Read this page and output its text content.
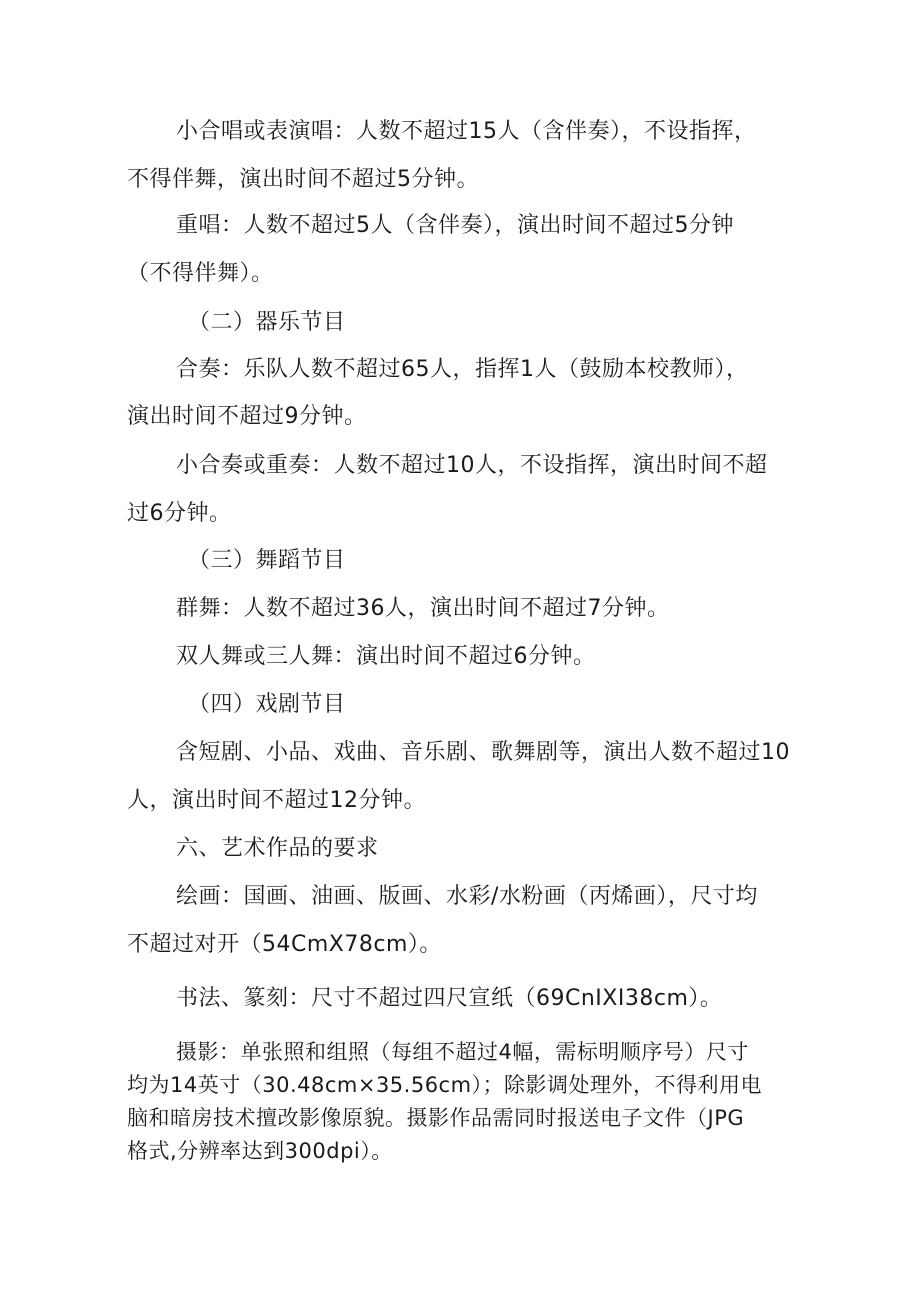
小合唱或表演唱：人数不超过15人（含伴奏），不设指挥，
不得伴舞，演出时间不超过5分钟。
重唱：人数不超过5人（含伴奏），演出时间不超过5分钟
（不得伴舞）。
（二）器乐节目
合奏：乐队人数不超过65人，指挥1人（鼓励本校教师），
演出时间不超过9分钟。
小合奏或重奏：人数不超过10人，不设指挥，演出时间不超
过6分钟。
（三）舞蹈节目
群舞：人数不超过36人，演出时间不超过7分钟。
双人舞或三人舞：演出时间不超过6分钟。
（四）戏剧节目
含短剧、小品、戏曲、音乐剧、歌舞剧等，演出人数不超过10
人，演出时间不超过12分钟。
六、艺术作品的要求
绘画：国画、油画、版画、水彩/水粉画（丙烯画），尺寸均
不超过对开（54CmX78cm）。
书法、篆刻：尺寸不超过四尺宣纸（69CnIXI38cm）。
摄影：单张照和组照（每组不超过4幅，需标明顺序号）尺寸
均为14英寸（30.48cm×35.56cm）；除影调处理外，不得利用电
脑和暗房技术擅改影像原貌。摄影作品需同时报送电子文件（JPG
格式,分辨率达到300dpi）。
